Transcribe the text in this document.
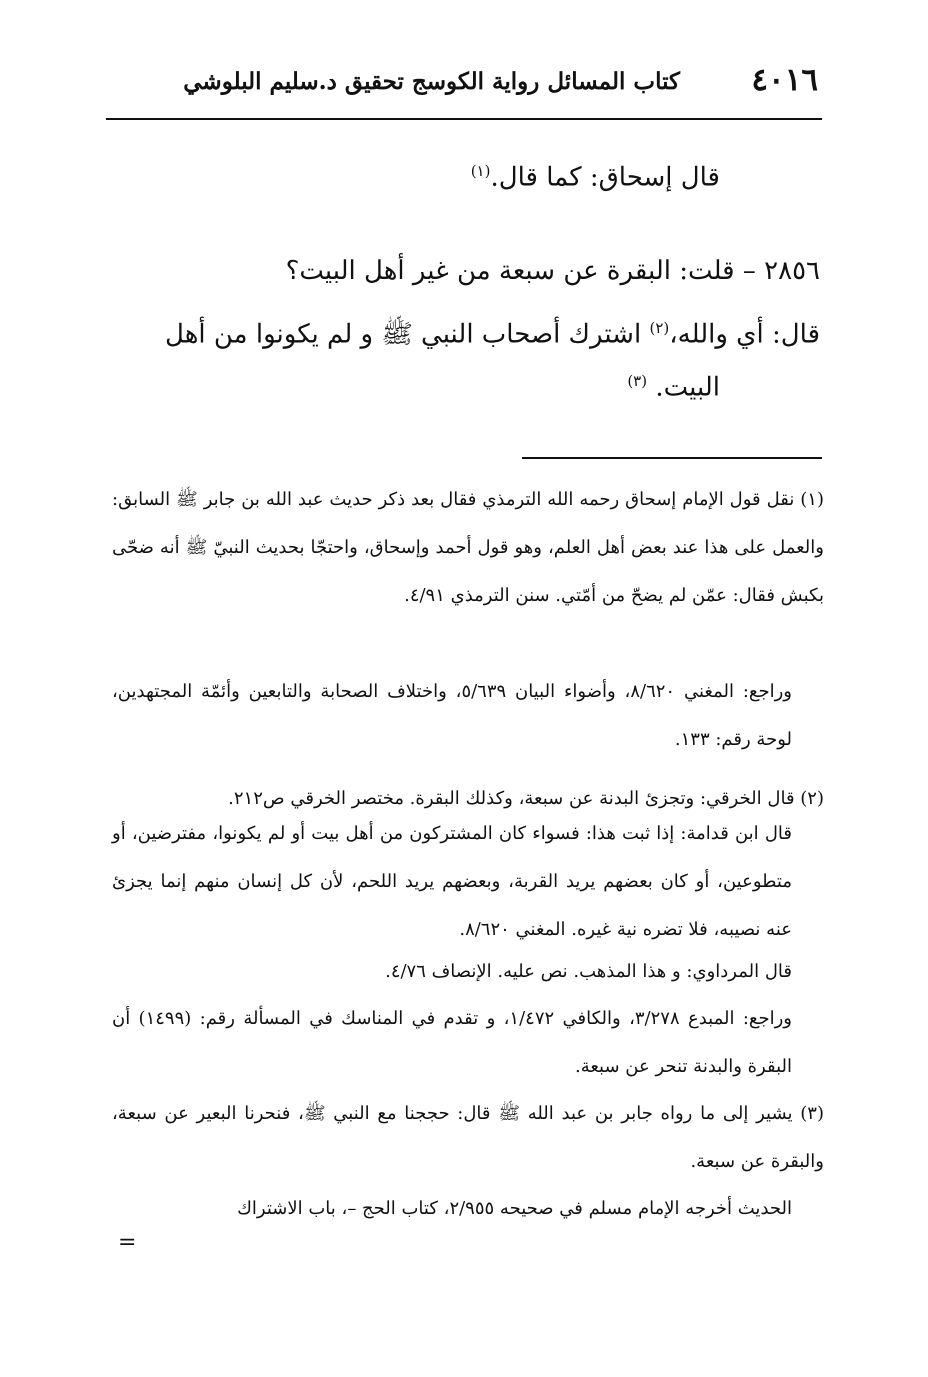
٤٠١٦
كتاب المسائل رواية الكوسج تحقيق د.سليم البلوشي
قال إسحاق: كما قال.$^{(١)}$
٢٨٥٦ – قلت: البقرة عن سبعة من غير أهل البيت؟
قال: أي والله،$^{(٢)}$ اشترك أصحاب النبي ﷺ و لم يكونوا من أهل
البيت. $^{(٣)}$
(١) نقل قول الإمام إسحاق رحمه الله الترمذي فقال بعد ذكر حديث عبد الله بن جابر ﷺ السابق: والعمل على هذا عند بعض أهل العلم، وهو قول أحمد وإسحاق، واحتجّا بحديث النبيّ ﷺ أنه ضحّى بكبش فقال: عمّن لم يضحّ من أمّتي. سنن الترمذي ٤/٩١.
وراجع: المغني ٨/٦٢٠، وأضواء البيان ٥/٦٣٩، واختلاف الصحابة والتابعين وأئمّة المجتهدين، لوحة رقم: ١٣٣.
(٢) قال الخرقي: وتجزئ البدنة عن سبعة، وكذلك البقرة. مختصر الخرقي ص٢١٢.
قال ابن قدامة: إذا ثبت هذا: فسواء كان المشتركون من أهل بيت أو لم يكونوا، مفترضين، أو متطوعين، أو كان بعضهم يريد القربة، وبعضهم يريد اللحم، لأن كل إنسان منهم إنما يجزئ عنه نصيبه، فلا تضره نية غيره. المغني ٨/٦٢٠.
قال المرداوي: و هذا المذهب. نص عليه. الإنصاف ٤/٧٦.
وراجع: المبدع ٣/٢٧٨، والكافي ١/٤٧٢، و تقدم في المناسك في المسألة رقم: (١٤٩٩) أن البقرة والبدنة تنحر عن سبعة.
(٣) يشير إلى ما رواه جابر بن عبد الله ﷺ قال: حججنا مع النبي ﷺ، فنحرنا البعير عن سبعة، والبقرة عن سبعة.
الحديث أخرجه الإمام مسلم في صحيحه ٢/٩٥٥، كتاب الحج –، باب الاشتراك
=
